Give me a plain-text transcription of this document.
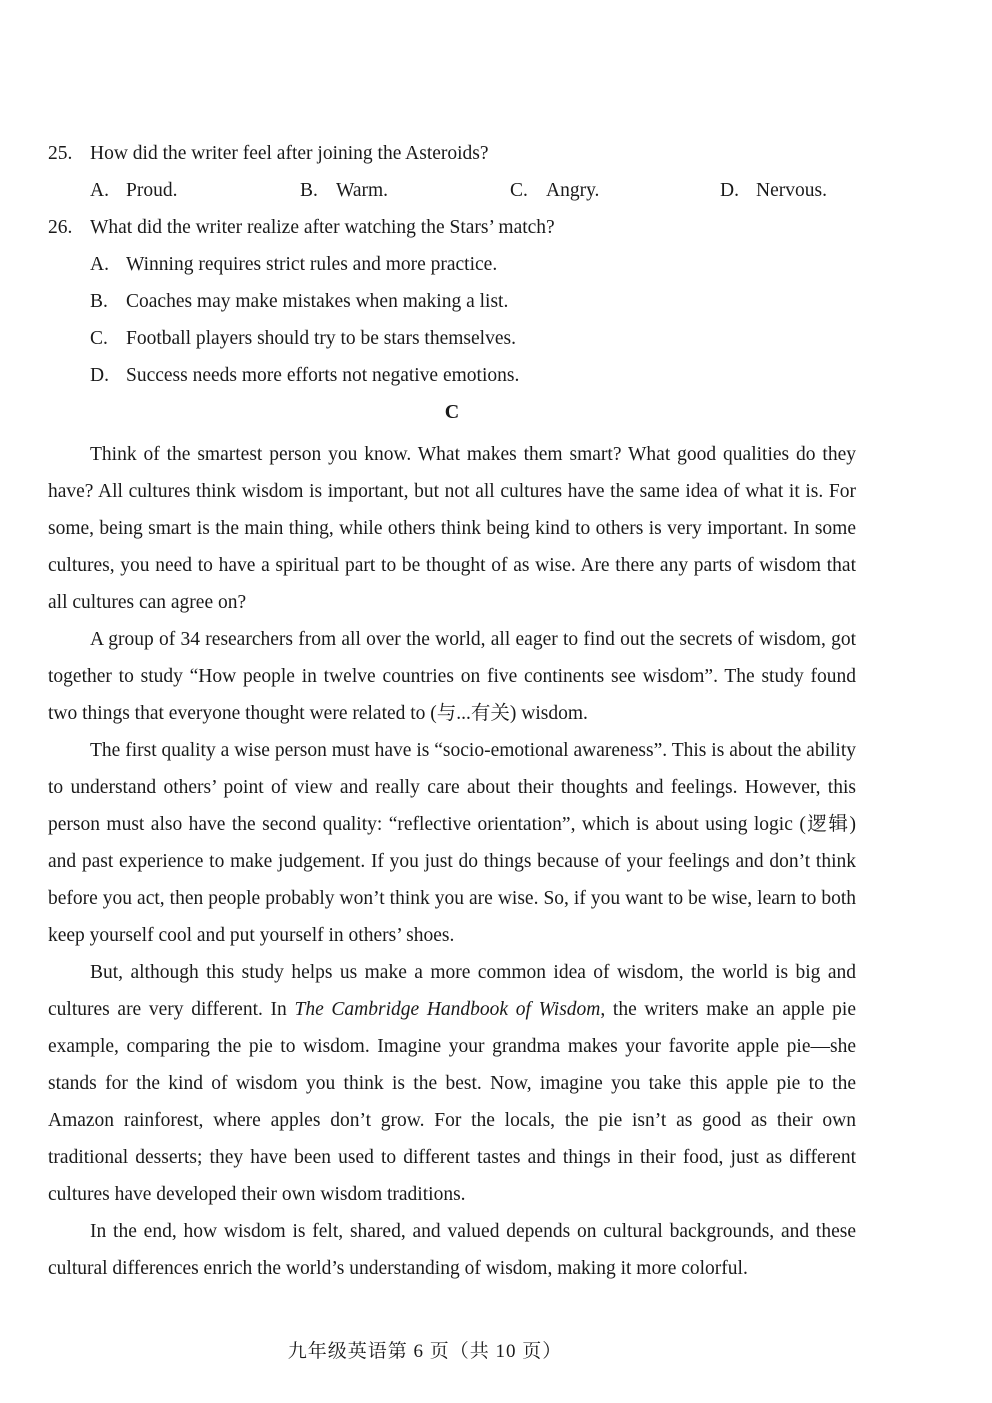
25. How did the writer feel after joining the Asteroids?
A. Proud.	B. Warm.	C. Angry.	D. Nervous.
26. What did the writer realize after watching the Stars’ match?
A. Winning requires strict rules and more practice.
B. Coaches may make mistakes when making a list.
C. Football players should try to be stars themselves.
D. Success needs more efforts not negative emotions.
C

Think of the smartest person you know. What makes them smart? What good qualities do they have? All cultures think wisdom is important, but not all cultures have the same idea of what it is. For some, being smart is the main thing, while others think being kind to others is very important. In some cultures, you need to have a spiritual part to be thought of as wise. Are there any parts of wisdom that all cultures can agree on?

A group of 34 researchers from all over the world, all eager to find out the secrets of wisdom, got together to study “How people in twelve countries on five continents see wisdom”. The study found two things that everyone thought were related to (与...有关) wisdom.

The first quality a wise person must have is “socio-emotional awareness”. This is about the ability to understand others’ point of view and really care about their thoughts and feelings. However, this person must also have the second quality: “reflective orientation”, which is about using logic (逻辑) and past experience to make judgement. If you just do things because of your feelings and don’t think before you act, then people probably won’t think you are wise. So, if you want to be wise, learn to both keep yourself cool and put yourself in others’ shoes.

But, although this study helps us make a more common idea of wisdom, the world is big and cultures are very different. In The Cambridge Handbook of Wisdom, the writers make an apple pie example, comparing the pie to wisdom. Imagine your grandma makes your favorite apple pie—she stands for the kind of wisdom you think is the best. Now, imagine you take this apple pie to the Amazon rainforest, where apples don’t grow. For the locals, the pie isn’t as good as their own traditional desserts; they have been used to different tastes and things in their food, just as different cultures have developed their own wisdom traditions.

In the end, how wisdom is felt, shared, and valued depends on cultural backgrounds, and these cultural differences enrich the world’s understanding of wisdom, making it more colorful.

九年级英语第 6 页（共 10 页）
